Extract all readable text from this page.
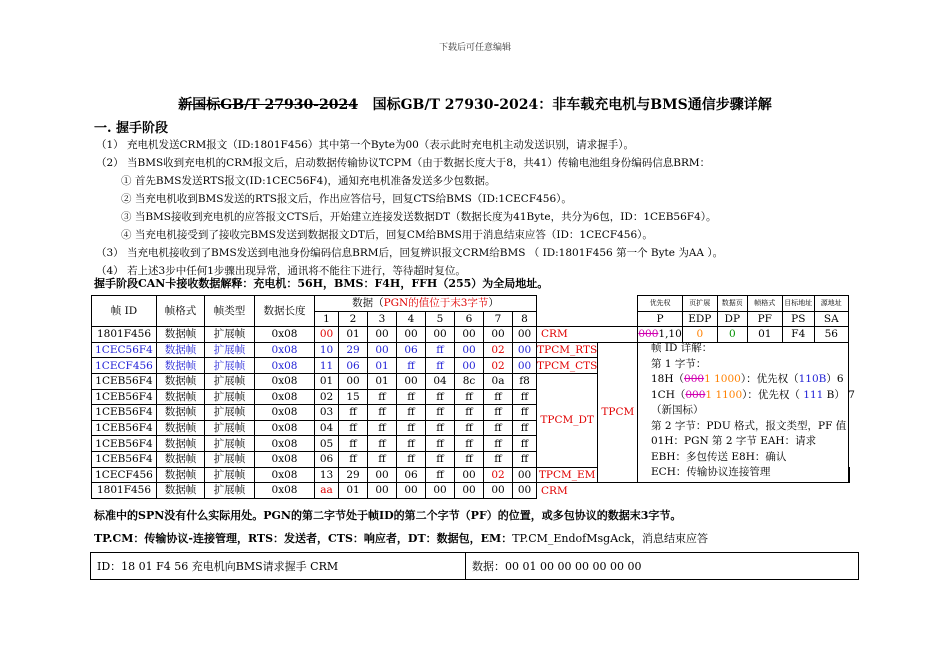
下载后可任意编辑
新国标GB/T 27930-2024 国标GB/T 27930-2024：非车载充电机与BMS通信步骤详解
一. 握手阶段
（1） 充电机发送CRM报文（ID:1801F456）其中第一个Byte为00（表示此时充电机主动发送识别，请求握手）。
（2） 当BMS收到充电机的CRM报文后，启动数据传输协议TCPM（由于数据长度大于8，共41）传输电池组身份编码信息BRM：
① 首先BMS发送RTS报文(ID:1CEC56F4)，通知充电机准备发送多少包数据。
② 当充电机收到BMS发送的RTS报文后，作出应答信号，回复CTS给BMS（ID:1CECF456）。
③ 当BMS接收到充电机的应答报文CTS后，开始建立连接发送数据DT（数据长度为41Byte，共分为6包，ID：1CEB56F4）。
④ 当充电机接受到了接收完BMS发送到数据报文DT后，回复CM给BMS用于消息结束应答（ID：1CECF456）。
（3） 当充电机接收到了BMS发送到电池身份编码信息BRM后，回复辨识报文CRM给BMS （ ID:1801F456 第一个 Byte 为AA ）。
（4） 若上述3步中任何1步骤出现异常，通讯将不能往下进行，等待超时复位。
握手阶段CAN卡接收数据解释：充电机：56H，BMS：F4H，FFH（255）为全局地址。
帧 ID	帧格式	帧类型	数据长度	数据（PGN的值位于末3字节）										优先权	页扩展	数据页	帧格式	目标地址	源地址	
				1	2	3	4	5	6	7	8			P	EDP	DP	PF	PS	SA	
1801F456	数据帧	扩展帧	0x08	00	01	00	00	00	00	00	00	CRM		0001,10	0	0	01	F4	56	
1CEC56F4	数据帧	扩展帧	0x08	10	29	00	06	ff	00	02	00	TPCM_RTS	TPCM							
1CECF456	数据帧	扩展帧	0x08	11	06	01	ff	ff	00	02	00	TPCM_CTS								
1CEB56F4	数据帧	扩展帧	0x08	01	00	01	00	04	8c	0a	f8	TPCM_DT								
1CEB56F4	数据帧	扩展帧	0x08	02	15	ff	ff	ff	ff	ff	ff									
1CEB56F4	数据帧	扩展帧	0x08	03	ff	ff	ff	ff	ff	ff	ff									
1CEB56F4	数据帧	扩展帧	0x08	04	ff	ff	ff	ff	ff	ff	ff									
1CEB56F4	数据帧	扩展帧	0x08	05	ff	ff	ff	ff	ff	ff	ff									
1CEB56F4	数据帧	扩展帧	0x08	06	ff	ff	ff	ff	ff	ff	ff									
1CECF456	数据帧	扩展帧	0x08	13	29	00	06	ff	00	02	00	TPCM_EM								
1801F456	数据帧	扩展帧	0x08	aa	01	00	00	00	00	00	00	CRM								
帧 ID 详解：
第 1 字节：
18H（0001 1000）：优先权（110B）6
1CH（0001 1100）：优先权（ 111 B） 7
（新国标）
第 2 字节：PDU 格式，报文类型，PF 值
01H：PGN 第 2 字节 EAH：请求
EBH：多包传送 E8H：确认
ECH：传输协议连接管理
标准中的SPN没有什么实际用处。PGN的第二字节处于帧ID的第二个字节（PF）的位置，或多包协议的数据末3字节。
TP.CM：传输协议-连接管理，RTS：发送者，CTS：响应者，DT：数据包，EM：TP.CM_EndofMsgAck，消息结束应答
ID：18 01 F4 56 充电机向BMS请求握手 CRM	数据：00 01 00 00 00 00 00 00
